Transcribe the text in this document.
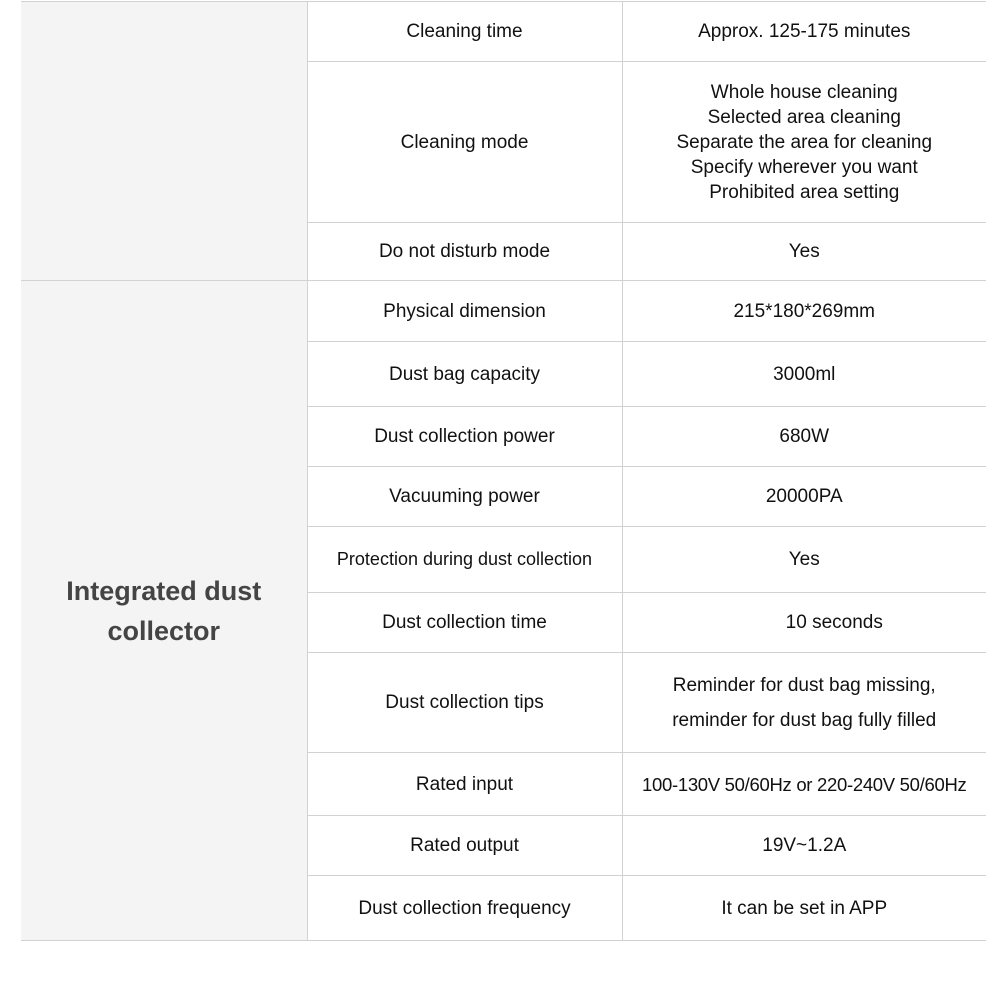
	Cleaning time	Approx. 125-175 minutes

	Cleaning mode	Whole house cleaning
Selected area cleaning
Separate the area for cleaning
Specify wherever you want
Prohibited area setting

	Do not disturb mode	Yes

Integrated dust collector	Physical dimension	215*180*269mm

	Dust bag capacity	3000ml

	Dust collection power	680W

	Vacuuming power	20000PA

	Protection during dust collection	Yes

	Dust collection time	10 seconds

	Dust collection tips	Reminder for dust bag missing,
reminder for dust bag fully filled

	Rated input	100-130V 50/60Hz or 220-240V 50/60Hz

	Rated output	19V~1.2A

	Dust collection frequency	It can be set in APP
